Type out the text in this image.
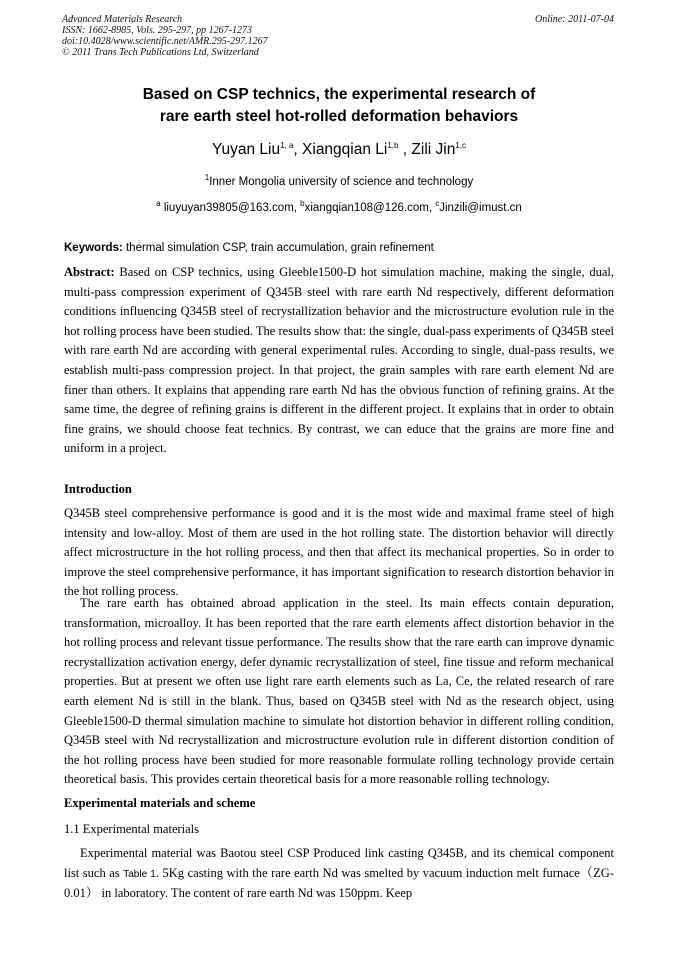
Advanced Materials Research
ISSN: 1662-8985, Vols. 295-297, pp 1267-1273
doi:10.4028/www.scientific.net/AMR.295-297.1267
© 2011 Trans Tech Publications Ltd, Switzerland
Online: 2011-07-04
Based on CSP technics, the experimental research of
rare earth steel hot-rolled deformation behaviors
Yuyan Liu$^{1, a}$, Xiangqian Li$^{1,b}$ , Zili Jin$^{1,c}$
$^1$Inner Mongolia university of science and technology
$^a$ liuyuyan39805@163.com, $^b$xiangqian108@126.com, $^c$Jinzili@imust.cn
Keywords: thermal simulation CSP, train accumulation, grain refinement
Abstract: Based on CSP technics, using Gleeble1500-D hot simulation machine, making the single, dual, multi-pass compression experiment of Q345B steel with rare earth Nd respectively, different deformation conditions influencing Q345B steel of recrystallization behavior and the microstructure evolution rule in the hot rolling process have been studied. The results show that: the single, dual-pass experiments of Q345B steel with rare earth Nd are according with general experimental rules. According to single, dual-pass results, we establish multi-pass compression project. In that project, the grain samples with rare earth element Nd are finer than others. It explains that appending rare earth Nd has the obvious function of refining grains. At the same time, the degree of refining grains is different in the different project. It explains that in order to obtain fine grains, we should choose feat technics. By contrast, we can educe that the grains are more fine and uniform in a project.
Introduction
Q345B steel comprehensive performance is good and it is the most wide and maximal frame steel of high intensity and low-alloy. Most of them are used in the hot rolling state. The distortion behavior will directly affect microstructure in the hot rolling process, and then that affect its mechanical properties. So in order to improve the steel comprehensive performance, it has important signification to research distortion behavior in the hot rolling process.
The rare earth has obtained abroad application in the steel. Its main effects contain depuration, transformation, microalloy. It has been reported that the rare earth elements affect distortion behavior in the hot rolling process and relevant tissue performance. The results show that the rare earth can improve dynamic recrystallization activation energy, defer dynamic recrystallization of steel, fine tissue and reform mechanical properties. But at present we often use light rare earth elements such as La, Ce, the related research of rare earth element Nd is still in the blank. Thus, based on Q345B steel with Nd as the research object, using Gleeble1500-D thermal simulation machine to simulate hot distortion behavior in different rolling condition, Q345B steel with Nd recrystallization and microstructure evolution rule in different distortion condition of the hot rolling process have been studied for more reasonable formulate rolling technology provide certain theoretical basis. This provides certain theoretical basis for a more reasonable rolling technology.
Experimental materials and scheme
1.1 Experimental materials
Experimental material was Baotou steel CSP Produced link casting Q345B, and its chemical component list such as Table 1. 5Kg casting with the rare earth Nd was smelted by vacuum induction melt furnace（ZG-0.01） in laboratory. The content of rare earth Nd was 150ppm. Keep
